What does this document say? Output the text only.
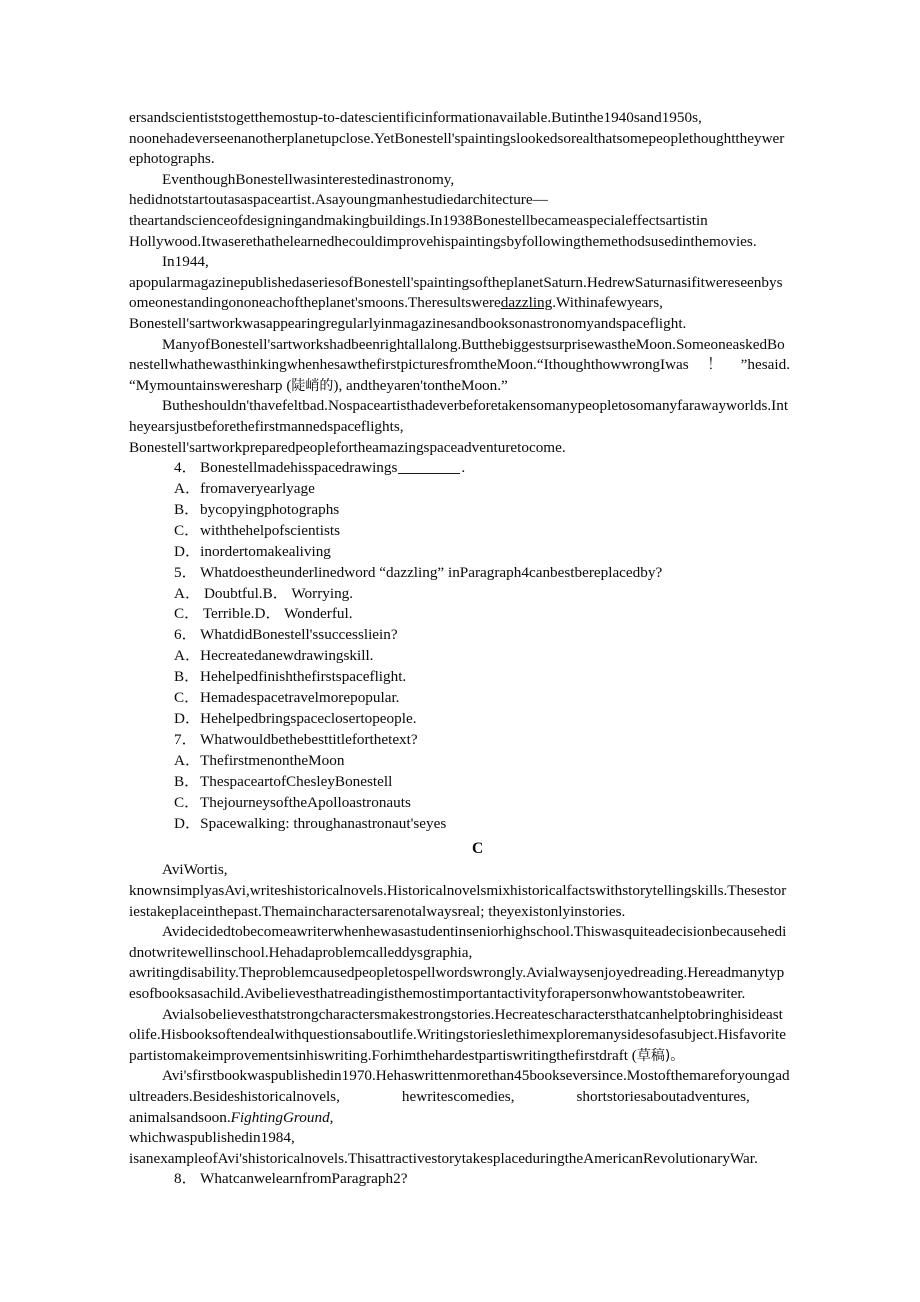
ersandscientiststogetthemostup-to-datescientificinformationavailable.Butinthe1940sand1950s, noonehadeverseenanotherplanetupclose.YetBonestell'spaintingslookedsorealthatsomepeoplethoughttheywerephotographs.

EventhoughBonestellwasinterestedinastronomy, hedidnotstartoutasaspaceartist.Asayoungmanhestudiedarchitecture—theartandscienceofdesigningandmakingbuildings.In1938Bonestellbecameaspecialeffectsartistin Hollywood.Itwaserethathelearnedhecouldimprovehispaintingsbyfollowingthemethodsusedinthemovies.

In1944, apopularmagazinepublishedaseriesofBonestell'spaintingsoftheplanetSaturn.HedrewSaturnasifitwereseenbysomeonestandingononeachoftheplanet'smoons.Theresultsweredazzling.Withinafewyears, Bonestell'sartworkwasappearingregularlyinmagazinesandbooksonastronomyandspaceflight.

ManyofBonestell'sartworkshadbeenrightallalong.ButthebiggestsurprisewastheMoon.SomeoneaskedBonestellwhathewasthinkingwhenhesawthefirstpicturesfromtheMoon.“IthoughthowwrongIwas！”hesaid. “Mymountainsweresharp (陡峭的), andtheyaren'tontheMoon.”

Butheshouldn'thavefeltbad.Nospaceartisthadeverbeforetakensomanypeopletosomanyfarawayworlds.Intheyearsjustbeforethefirstmannedspaceflights, Bonestell'sartworkpreparedpeoplefortheamazingspaceadventuretocome.

4． Bonestellmadehisspacedrawings	.

A．fromaveryearlyage

B．bycopyingphotographs

C．withthehelpofscientists

D．inordertomakealiving

5． Whatdoestheunderlinedword “dazzling” inParagraph4canbestbereplacedby?

A． Doubtful.B． Worrying.

C． Terrible.D． Wonderful.

6． WhatdidBonestell'ssuccessliein?

A．Hecreatedanewdrawingskill.

B．Hehelpedfinishthefirstspaceflight.

C．Hemadespacetravelmorepopular.

D．Hehelpedbringspaceclosertopeople.

7． Whatwouldbethebesttitleforthetext?

A．ThefirstmenontheMoon

B．ThespaceartofChesleyBonestell

C．ThejourneysoftheApolloastronauts

D．Spacewalking: throughanastronaut'seyes

C

AviWortis,knownsimplyasAvi,writeshistoricalnovels.Historicalnovelsmixhistoricalfactswithstorytellingskills.Thesestoriestakeplaceinthepast.Themaincharactersarenotalwaysreal; theyexistonlyinstories.

Avidecidedtobecomeawriterwhenhewasastudentinseniorhighschool.Thiswasquiteadecisionbecausehedidnotwritewellinschool.Hehadaproblemcalleddysgraphia, awritingdisability.Theproblemcausedpeopletospellwordswrongly.Avialwaysenjoyedreading.Hereadmanytypesofbooksasachild.Avibelievesthatreadingisthemostimportantactivityforapersonwhowantstobeawriter.

Avialsobelievesthatstrongcharactersmakestrongstories.Hecreatescharactersthatcanhelptobringhisideastolife.Hisbooksoftendealwithquestionsaboutlife.Writingstorieslethimexploremanysidesofasubject.Hisfavoritepartistomakeimprovementsinhiswriting.Forhimthehardestpartiswritingthefirstdraft (草稿)。

Avi'sfirstbookwaspublishedin1970.Hehaswrittenmorethan45bookseversince.Mostofthemareforyoungadultreaders.Besideshistoricalnovels,	hewritescomedies,	shortstoriesaboutadventures, animalsandsoon.FightingGround,whichwaspublishedin1984, isanexampleofAvi'shistoricalnovels.ThisattractivestorytakesplaceduringtheAmericanRevolutionaryWar.

8． WhatcanwelearnfromParagraph2?
